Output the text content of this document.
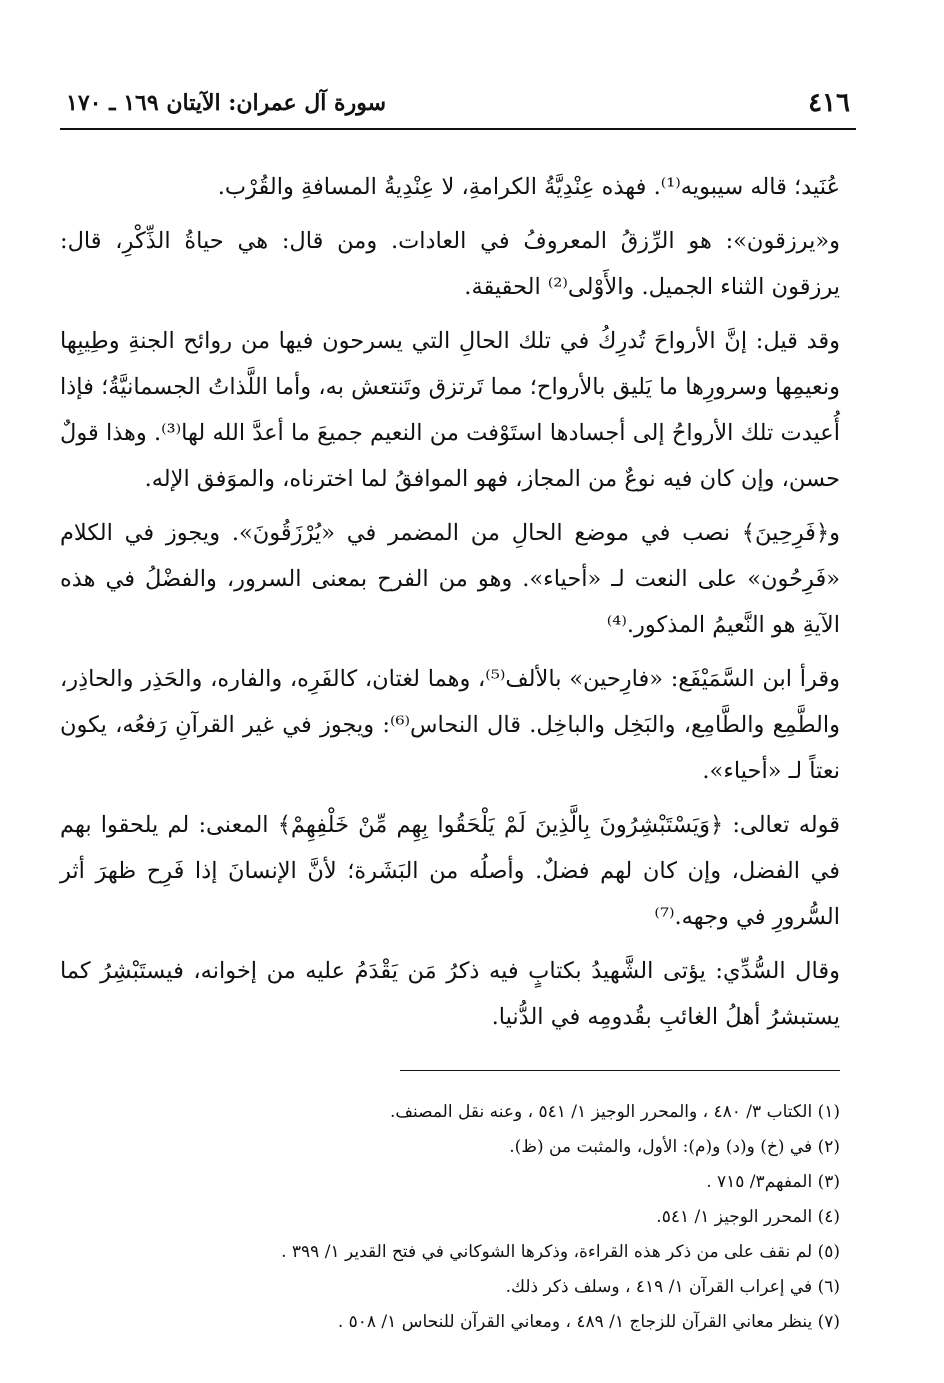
٤١٦
سورة آل عمران: الآيتان ١٦٩ ـ ١٧٠

عُنَيد؛ قاله سيبويه⁽¹⁾. فهذه عِنْدِيَّةُ الكرامةِ، لا عِنْدِيةُ المسافةِ والقُرْب.

و«يرزقون»: هو الرِّزقُ المعروفُ في العادات. ومن قال: هي حياةُ الذِّكْرِ، قال: يرزقون الثناء الجميل. والأَوْلى⁽²⁾ الحقيقة.

وقد قيل: إنَّ الأرواحَ تُدرِكُ في تلك الحالِ التي يسرحون فيها من روائح الجنةِ وطِيبِها ونعيمِها وسرورِها ما يَليق بالأرواح؛ مما تَرتزق وتَنتعش به، وأما اللَّذاتُ الجسمانيَّةُ؛ فإذا أُعيدت تلك الأرواحُ إلى أجسادها استَوْفت من النعيم جميعَ ما أعدَّ الله لها⁽³⁾. وهذا قولٌ حسن، وإن كان فيه نوعٌ من المجاز، فهو الموافقُ لما اخترناه، والموَفق الإله.

و﴿فَرِحِينَ﴾ نصب في موضع الحالِ من المضمر في «يُرْزَقُونَ». ويجوز في الكلام «فَرِحُون» على النعت لـ «أحياء». وهو من الفرح بمعنى السرور، والفضْلُ في هذه الآيةِ هو النَّعيمُ المذكور.⁽⁴⁾

وقرأ ابن السَّمَيْفَع: «فارِحين» بالألف⁽⁵⁾، وهما لغتان، كالفَرِه، والفاره، والحَذِر والحاذِر، والطَّمِع والطَّامِع، والبَخِل والباخِل. قال النحاس⁽⁶⁾: ويجوز في غير القرآنِ رَفعُه، يكون نعتاً لـ «أحياء».

قوله تعالى: ﴿وَيَسْتَبْشِرُونَ بِالَّذِينَ لَمْ يَلْحَقُوا بِهِم مِّنْ خَلْفِهِمْ﴾ المعنى: لم يلحقوا بهم في الفضل، وإن كان لهم فضلٌ. وأصلُه من البَشَرة؛ لأنَّ الإنسانَ إذا فَرِح ظهرَ أثر السُّرورِ في وجهه.⁽⁷⁾

وقال السُّدِّي: يؤتى الشَّهيدُ بكتابٍ فيه ذكرُ مَن يَقْدَمُ عليه من إخوانه، فيستَبْشِرُ كما يستبشرُ أهلُ الغائبِ بقُدومِه في الدُّنيا.

(١) الكتاب ٣/ ٤٨٠ ، والمحرر الوجيز ١/ ٥٤١ ، وعنه نقل المصنف.

(٢) في (خ) و(د) و(م): الأول، والمثبت من (ظ).

(٣) المفهم٣/ ٧١٥ .

(٤) المحرر الوجيز ١/ ٥٤١.

(٥) لم نقف على من ذكر هذه القراءة، وذكرها الشوكاني في فتح القدير ١/ ٣٩٩ .

(٦) في إعراب القرآن ١/ ٤١٩ ، وسلف ذكر ذلك.

(٧) ينظر معاني القرآن للزجاج ١/ ٤٨٩ ، ومعاني القرآن للنحاس ١/ ٥٠٨ .
